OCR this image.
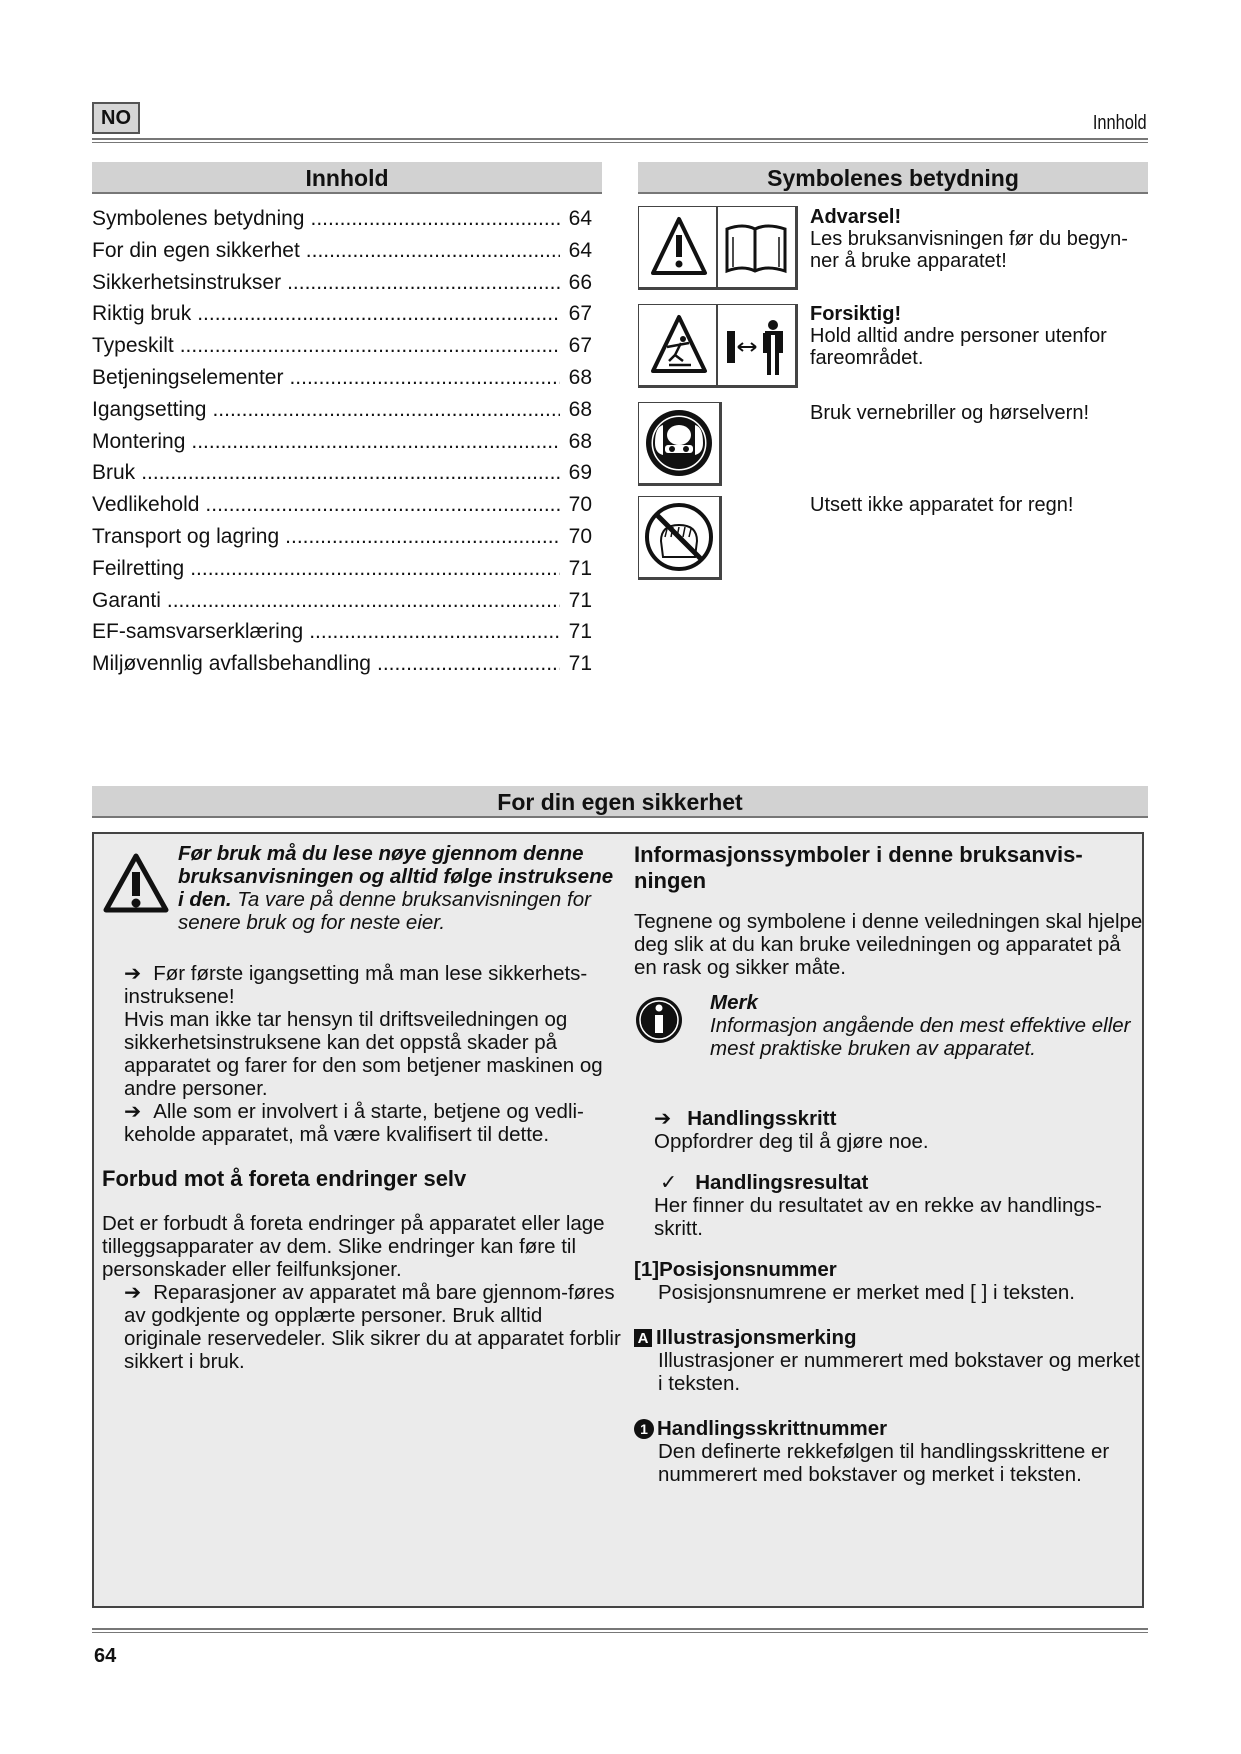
NO	Innhold
Innhold
Symbolenes betydning .....	64
For din egen sikkerhet .....	64
Sikkerhetsinstrukser .....	66
Riktig bruk .....	67
Typeskilt .....	67
Betjeningselementer .....	68
Igangsetting .....	68
Montering .....	68
Bruk .....	69
Vedlikehold .....	70
Transport og lagring .....	70
Feilretting .....	71
Garanti .....	71
EF-samsvarserklæring .....	71
Miljøvennlig avfallsbehandling .....	71
Symbolenes betydning
Advarsel!
Les bruksanvisningen før du begyn-ner å bruke apparatet!
Forsiktig!
Hold alltid andre personer utenfor fareområdet.
Bruk vernebriller og hørselvern!
Utsett ikke apparatet for regn!
For din egen sikkerhet
Før bruk må du lese nøye gjennom denne bruksanvisningen og alltid følge instruksene i den. Ta vare på denne bruksanvisningen for senere bruk og for neste eier.
➔ Før første igangsetting må man lese sikkerhets-instruksene!
Hvis man ikke tar hensyn til driftsveiledningen og sikkerhetsinstruksene kan det oppstå skader på apparatet og farer for den som betjener maskinen og andre personer.
➔ Alle som er involvert i å starte, betjene og vedli-keholde apparatet, må være kvalifisert til dette.
Forbud mot å foreta endringer selv
Det er forbudt å foreta endringer på apparatet eller lage tilleggsapparater av dem. Slike endringer kan føre til personskader eller feilfunksjoner.
➔ Reparasjoner av apparatet må bare gjennom-føres av godkjente og opplærte personer. Bruk alltid originale reservedeler. Slik sikrer du at apparatet forblir sikkert i bruk.
Informasjonssymboler i denne bruksanvis-ningen
Tegnene og symbolene i denne veiledningen skal hjelpe deg slik at du kan bruke veiledningen og apparatet på en rask og sikker måte.
Merk
Informasjon angående den mest effektive eller mest praktiske bruken av apparatet.
➔ Handlingsskritt
Oppfordrer deg til å gjøre noe.
✓ Handlingsresultat
Her finner du resultatet av en rekke av handlings-skritt.
[1]Posisjonsnummer
Posisjonsnumrene er merket med [ ] i teksten.
A Illustrasjonsmerking
Illustrasjoner er nummerert med bokstaver og merket i teksten.
1 Handlingsskrittnummer
Den definerte rekkefølgen til handlingsskrittene er nummerert med bokstaver og merket i teksten.
64
